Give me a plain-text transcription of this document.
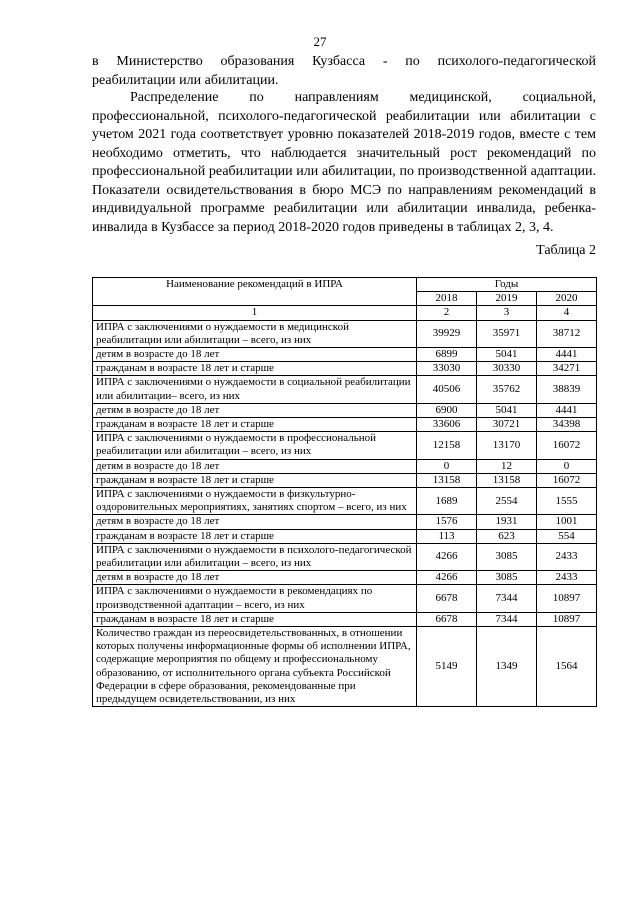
27

в Министерство образования Кузбасса - по психолого-педагогической реабилитации или абилитации.

Распределение по направлениям медицинской, социальной, профессиональной, психолого-педагогической реабилитации или абилитации с учетом 2021 года соответствует уровню показателей 2018-2019 годов, вместе с тем необходимо отметить, что наблюдается значительный рост рекомендаций по профессиональной реабилитации или абилитации, по производственной адаптации. Показатели освидетельствования в бюро МСЭ по направлениям рекомендаций в индивидуальной программе реабилитации или абилитации инвалида, ребенка-инвалида в Кузбассе за период 2018-2020 годов приведены в таблицах 2, 3, 4.

Таблица 2
Наименование рекомендаций в ИПРА	Годы		
	2018	2019	2020
1	2	3	4
ИПРА с заключениями о нуждаемости в медицинской реабилитации или абилитации – всего, из них	39929	35971	38712
детям в возрасте до 18 лет	6899	5041	4441
гражданам в возрасте 18 лет и старше	33030	30330	34271
ИПРА с заключениями о нуждаемости в социальной реабилитации или абилитации– всего, из них	40506	35762	38839
детям в возрасте до 18 лет	6900	5041	4441
гражданам в возрасте 18 лет и старше	33606	30721	34398
ИПРА с заключениями о нуждаемости в профессиональной реабилитации или абилитации – всего, из них	12158	13170	16072
детям в возрасте до 18 лет	0	12	0
гражданам в возрасте 18 лет и старше	13158	13158	16072
ИПРА с заключениями о нуждаемости в физкультурно-оздоровительных мероприятиях, занятиях спортом – всего, из них	1689	2554	1555
детям в возрасте до 18 лет	1576	1931	1001
гражданам в возрасте 18 лет и старше	113	623	554
ИПРА с заключениями о нуждаемости в психолого-педагогической реабилитации или абилитации – всего, из них	4266	3085	2433
детям в возрасте до 18 лет	4266	3085	2433
ИПРА с заключениями о нуждаемости в рекомендациях по производственной адаптации – всего, из них	6678	7344	10897
гражданам в возрасте 18 лет и старше	6678	7344	10897
Количество граждан из переосвидетельствованных, в отношении которых получены информационные формы об исполнении ИПРА, содержащие мероприятия по общему и профессиональному образованию, от исполнительного органа субъекта Российской Федерации в сфере образования, рекомендованные при предыдущем освидетельствовании, из них	5149	1349	1564
